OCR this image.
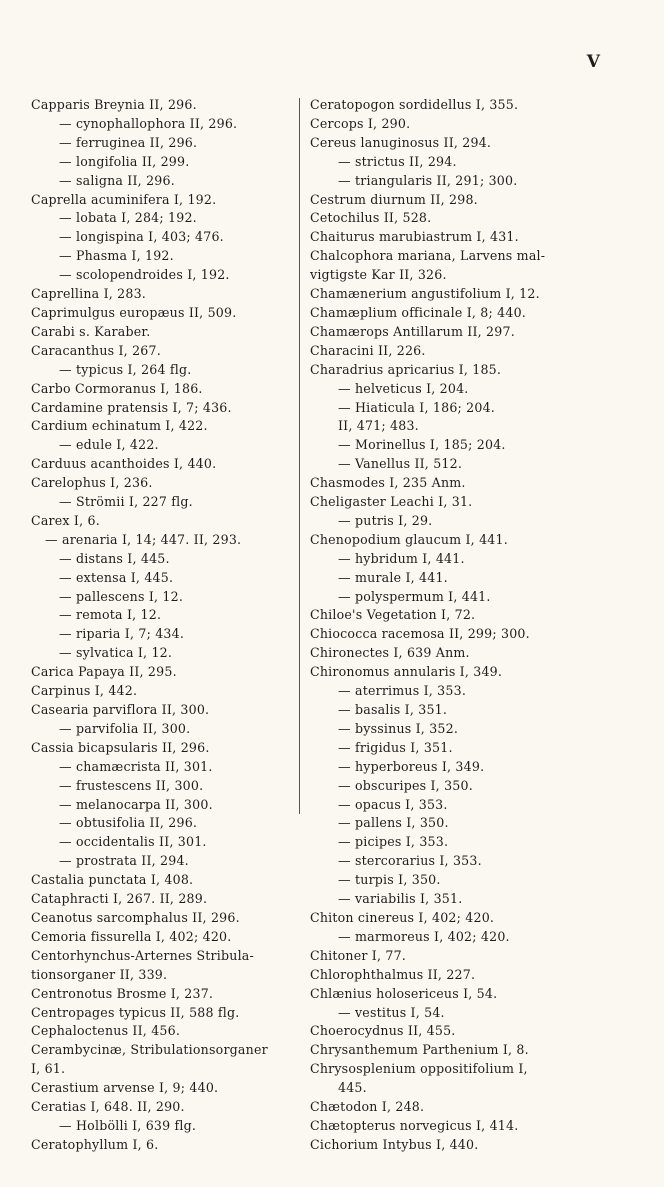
V
Capparis Breynia II, 296.
— cynophallophora II, 296.
— ferruginea II, 296.
— longifolia II, 299.
— saligna II, 296.
Caprella acuminifera I, 192.
— lobata I, 284; 192.
— longispina I, 403; 476.
— Phasma I, 192.
— scolopendroides I, 192.
Caprellina I, 283.
Caprimulgus europæus II, 509.
Carabi s. Karaber.
Caracanthus I, 267.
— typicus I, 264 flg.
Carbo Cormoranus I, 186.
Cardamine pratensis I, 7; 436.
Cardium echinatum I, 422.
— edule I, 422.
Carduus acanthoides I, 440.
Carelophus I, 236.
— Strömii I, 227 flg.
Carex I, 6.
— arenaria I, 14; 447. II, 293.
— distans I, 445.
— extensa I, 445.
— pallescens I, 12.
— remota I, 12.
— riparia I, 7; 434.
— sylvatica I, 12.
Carica Papaya II, 295.
Carpinus I, 442.
Casearia parviflora II, 300.
— parvifolia II, 300.
Cassia bicapsularis II, 296.
— chamæcrista II, 301.
— frustescens II, 300.
— melanocarpa II, 300.
— obtusifolia II, 296.
— occidentalis II, 301.
— prostrata II, 294.
Castalia punctata I, 408.
Cataphracti I, 267. II, 289.
Ceanotus sarcomphalus II, 296.
Cemoria fissurella I, 402; 420.
Centorhynchus-Arternes Stribula-
tionsorganer II, 339.
Centronotus Brosme I, 237.
Centropages typicus II, 588 flg.
Cephaloctenus II, 456.
Cerambycinæ, Stribulationsorganer
I, 61.
Cerastium arvense I, 9; 440.
Ceratias I, 648. II, 290.
— Holbölli I, 639 flg.
Ceratophyllum I, 6.
Ceratopogon sordidellus I, 355.
Cercops I, 290.
Cereus lanuginosus II, 294.
— strictus II, 294.
— triangularis II, 291; 300.
Cestrum diurnum II, 298.
Cetochilus II, 528.
Chaiturus marubiastrum I, 431.
Chalcophora mariana, Larvens mal-
vigtigste Kar II, 326.
Chamænerium angustifolium I, 12.
Chamæplium officinale I, 8; 440.
Chamærops Antillarum II, 297.
Characini II, 226.
Charadrius apricarius I, 185.
— helveticus I, 204.
— Hiaticula I, 186; 204.
II, 471; 483.
— Morinellus I, 185; 204.
— Vanellus II, 512.
Chasmodes I, 235 Anm.
Cheligaster Leachi I, 31.
— putris I, 29.
Chenopodium glaucum I, 441.
— hybridum I, 441.
— murale I, 441.
— polyspermum I, 441.
Chiloe's Vegetation I, 72.
Chiococca racemosa II, 299; 300.
Chironectes I, 639 Anm.
Chironomus annularis I, 349.
— aterrimus I, 353.
— basalis I, 351.
— byssinus I, 352.
— frigidus I, 351.
— hyperboreus I, 349.
— obscuripes I, 350.
— opacus I, 353.
— pallens I, 350.
— picipes I, 353.
— stercorarius I, 353.
— turpis I, 350.
— variabilis I, 351.
Chiton cinereus I, 402; 420.
— marmoreus I, 402; 420.
Chitoner I, 77.
Chlorophthalmus II, 227.
Chlænius holosericeus I, 54.
— vestitus I, 54.
Choerocydnus II, 455.
Chrysanthemum Parthenium I, 8.
Chrysosplenium oppositifolium I,
445.
Chætodon I, 248.
Chætopterus norvegicus I, 414.
Cichorium Intybus I, 440.
